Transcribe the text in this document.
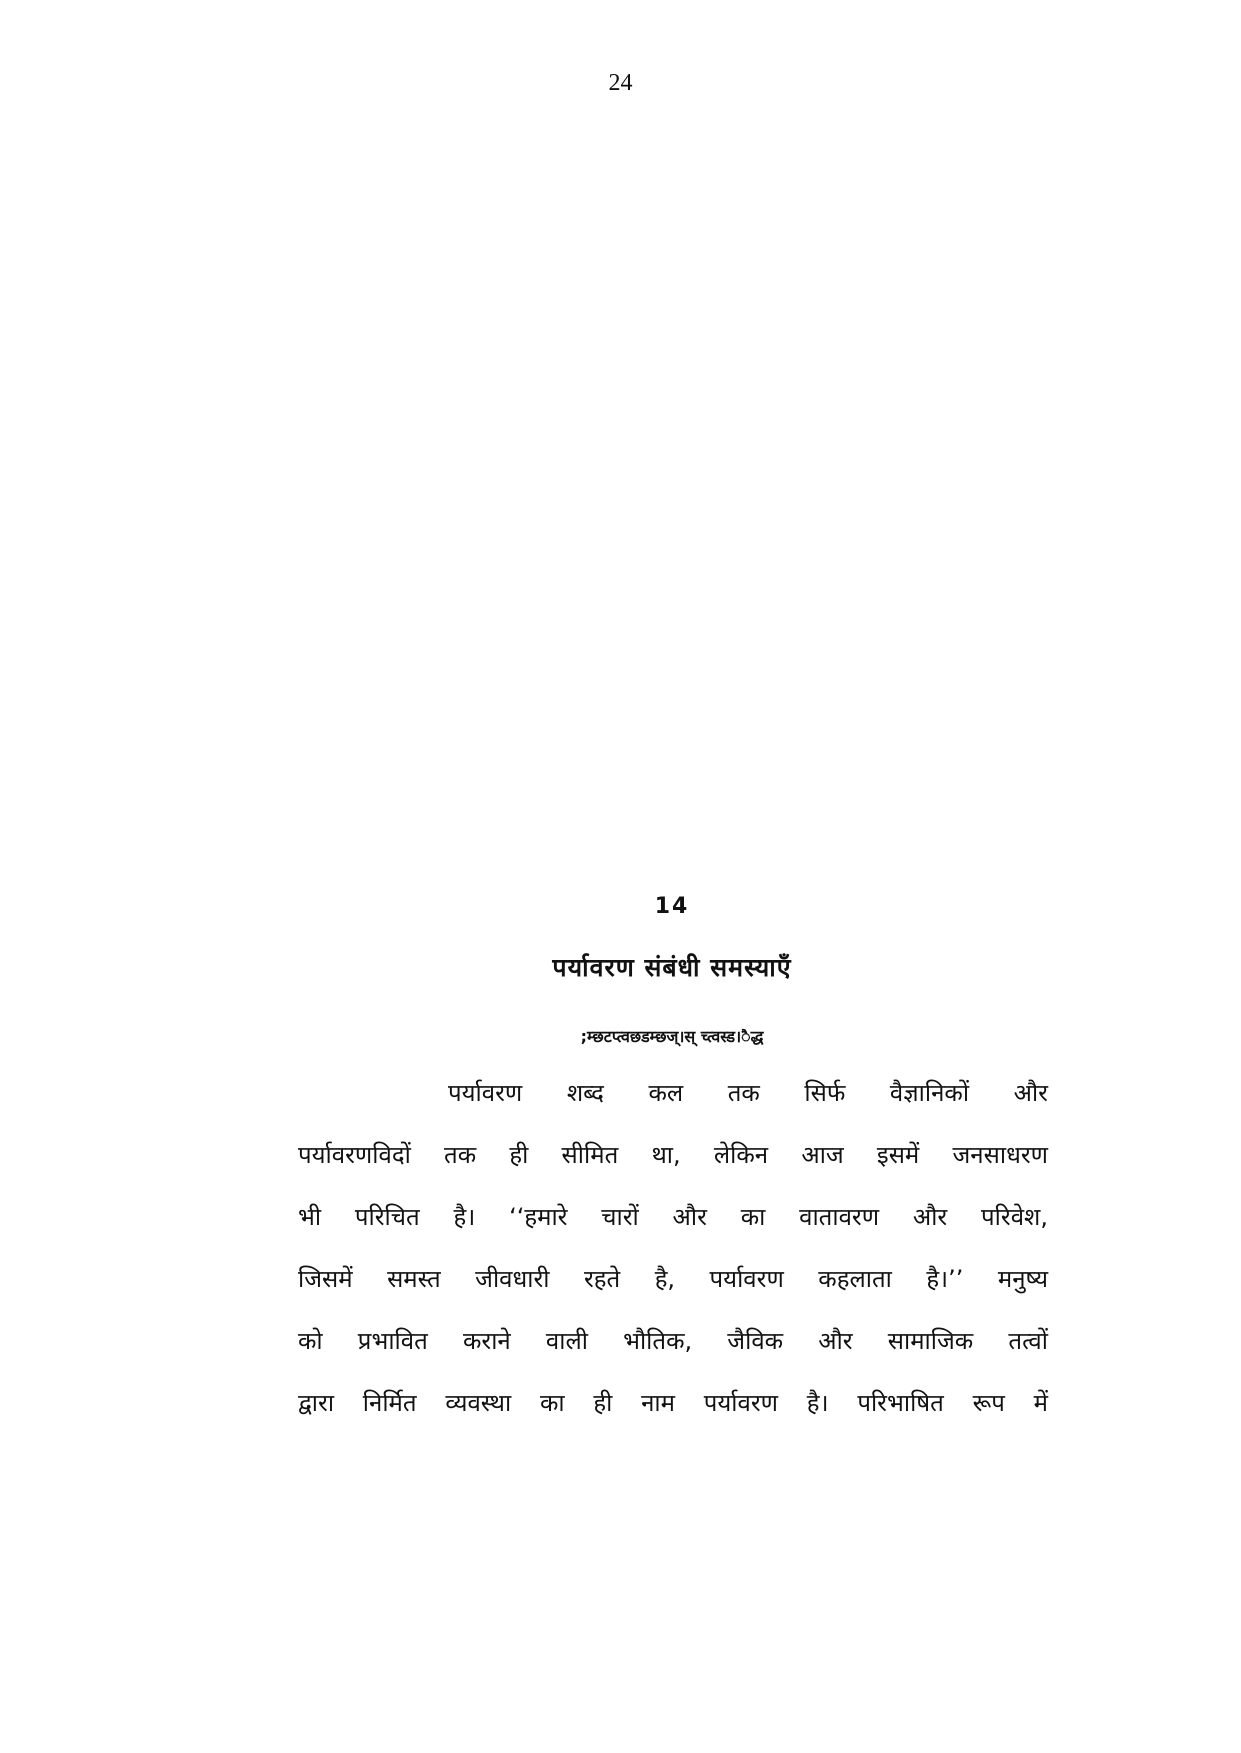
24
14
पर्यावरण संबंधी समस्याएँ
;म्छटप्त्वछडम्छज्।स् च्त्वस्ड।ैद्ध
पर्यावरण शब्द कल तक सिर्फ वैज्ञानिकों और
पर्यावरणविदों तक ही सीमित था, लेकिन आज इसमें जनसाधरण
भी परिचित है। ‘‘हमारे चारों और का वातावरण और परिवेश,
जिसमें समस्त जीवधारी रहते है, पर्यावरण कहलाता है।’’ मनुष्य
को प्रभावित कराने वाली भौतिक, जैविक और सामाजिक तत्वों
द्वारा निर्मित व्यवस्था का ही नाम पर्यावरण है। परिभाषित रूप में
